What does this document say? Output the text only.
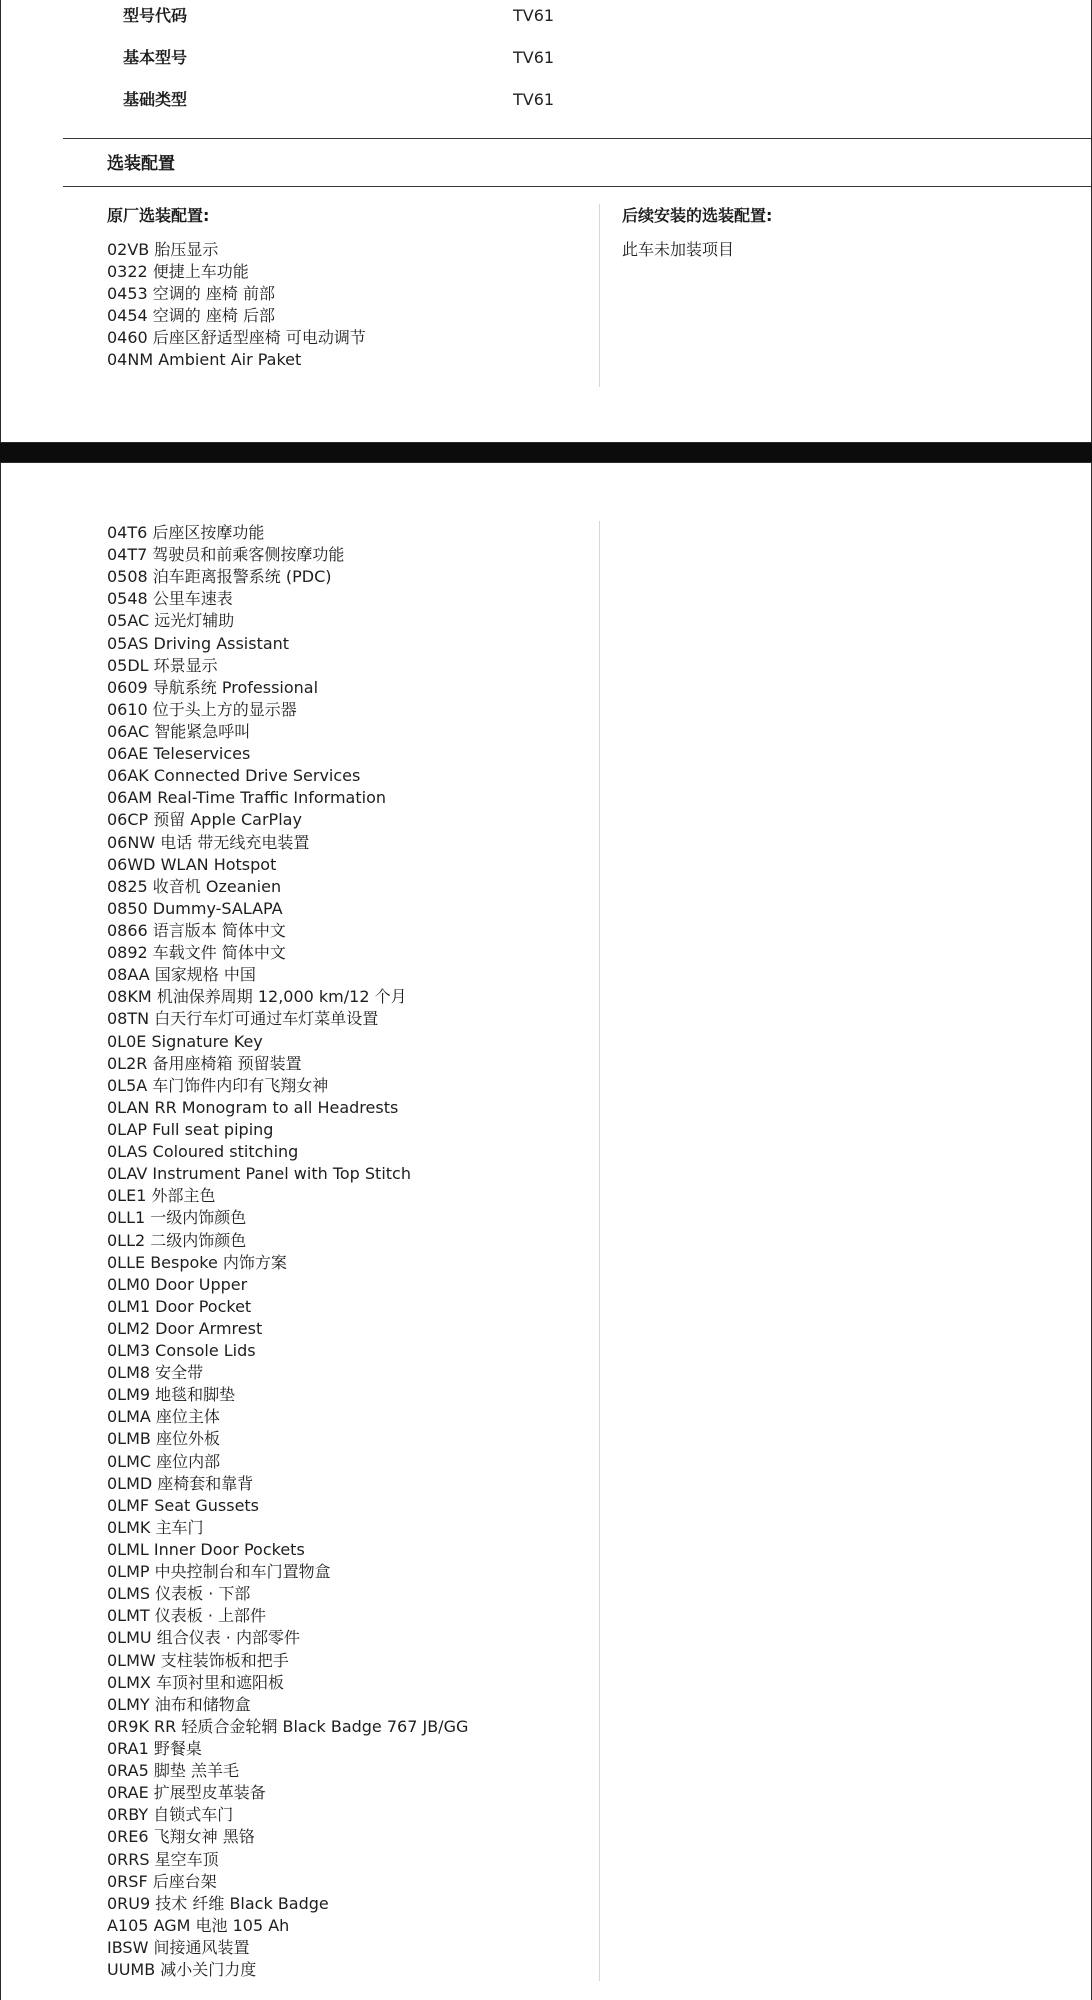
型号代码	TV61
基本型号	TV61
基础类型	TV61
选装配置
原厂选装配置:	后续安装的选装配置:
此车未加装项目
02VB 胎压显示
0322 便捷上车功能
0453 空调的 座椅 前部
0454 空调的 座椅 后部
0460 后座区舒适型座椅 可电动调节
04NM Ambient Air Paket
04T6 后座区按摩功能
04T7 驾驶员和前乘客侧按摩功能
0508 泊车距离报警系统 (PDC)
0548 公里车速表
05AC 远光灯辅助
05AS Driving Assistant
05DL 环景显示
0609 导航系统 Professional
0610 位于头上方的显示器
06AC 智能紧急呼叫
06AE Teleservices
06AK Connected Drive Services
06AM Real-Time Traffic Information
06CP 预留 Apple CarPlay
06NW 电话 带无线充电装置
06WD WLAN Hotspot
0825 收音机 Ozeanien
0850 Dummy-SALAPA
0866 语言版本 简体中文
0892 车载文件 简体中文
08AA 国家规格 中国
08KM 机油保养周期 12,000 km/12 个月
08TN 白天行车灯可通过车灯菜单设置
0L0E Signature Key
0L2R 备用座椅箱 预留装置
0L5A 车门饰件内印有飞翔女神
0LAN RR Monogram to all Headrests
0LAP Full seat piping
0LAS Coloured stitching
0LAV Instrument Panel with Top Stitch
0LE1 外部主色
0LL1 一级内饰颜色
0LL2 二级内饰颜色
0LLE Bespoke 内饰方案
0LM0 Door Upper
0LM1 Door Pocket
0LM2 Door Armrest
0LM3 Console Lids
0LM8 安全带
0LM9 地毯和脚垫
0LMA 座位主体
0LMB 座位外板
0LMC 座位内部
0LMD 座椅套和靠背
0LMF Seat Gussets
0LMK 主车门
0LML Inner Door Pockets
0LMP 中央控制台和车门置物盒
0LMS 仪表板 · 下部
0LMT 仪表板 · 上部件
0LMU 组合仪表 · 内部零件
0LMW 支柱装饰板和把手
0LMX 车顶衬里和遮阳板
0LMY 油布和储物盒
0R9K RR 轻质合金轮辋 Black Badge 767 JB/GG
0RA1 野餐桌
0RA5 脚垫 羔羊毛
0RAE 扩展型皮革装备
0RBY 自锁式车门
0RE6 飞翔女神 黑铬
0RRS 星空车顶
0RSF 后座台架
0RU9 技术 纤维 Black Badge
A105 AGM 电池 105 Ah
IBSW 间接通风装置
UUMB 减小关门力度
